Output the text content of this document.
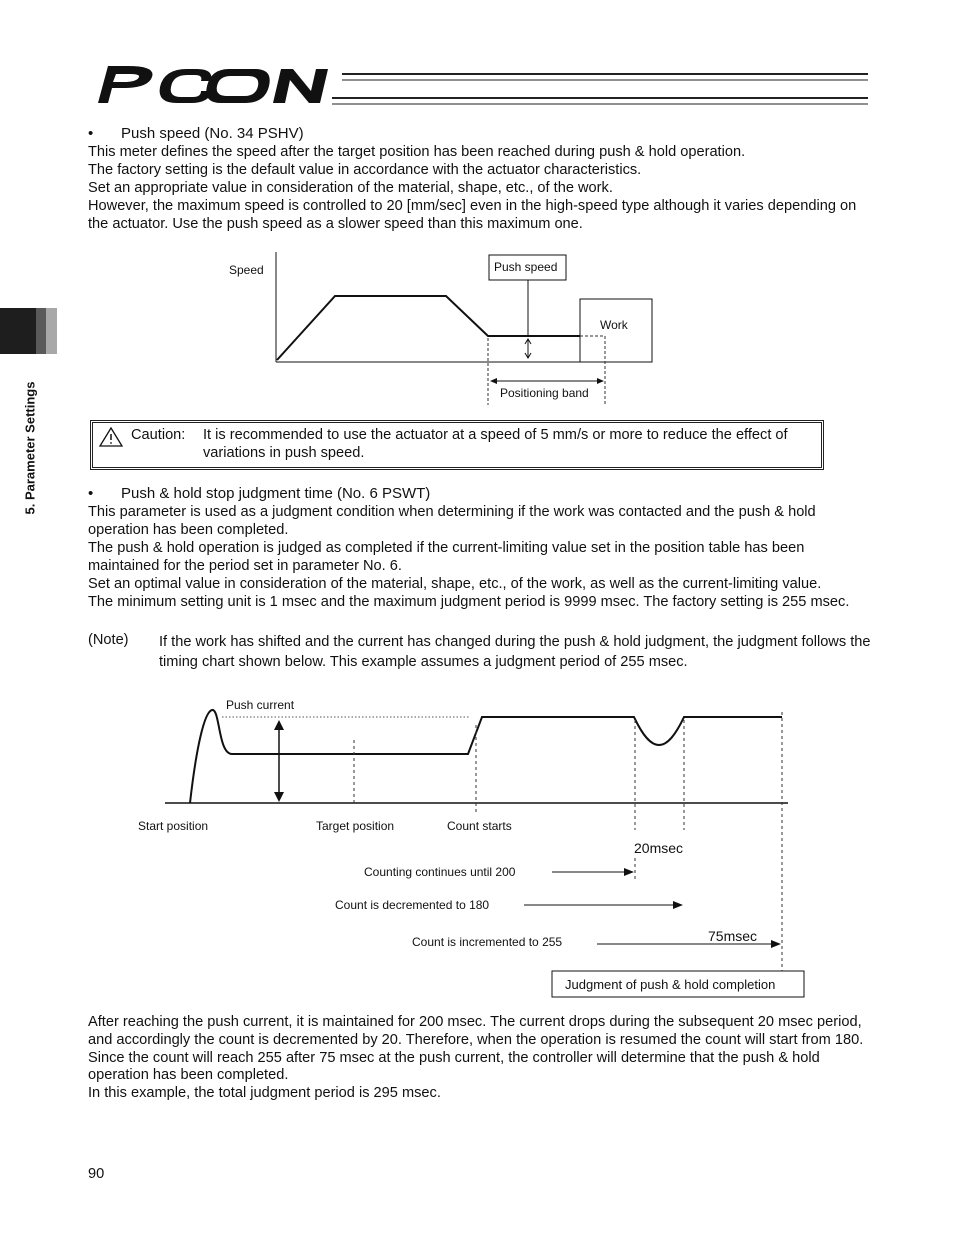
5. Parameter Settings
• Push speed (No. 34 PSHV)

This meter defines the speed after the target position has been reached during push & hold operation.

The factory setting is the default value in accordance with the actuator characteristics.

Set an appropriate value in consideration of the material, shape, etc., of the work.

However, the maximum speed is controlled to 20 [mm/sec] even in the high-speed type although it varies depending on the actuator. Use the push speed as a slower speed than this maximum one.

Speed	Push speed
Work
Positioning band
Caution: It is recommended to use the actuator at a speed of 5 mm/s or more to reduce the effect of variations in push speed.
• Push & hold stop judgment time (No. 6 PSWT)

This parameter is used as a judgment condition when determining if the work was contacted and the push & hold operation has been completed.

The push & hold operation is judged as completed if the current-limiting value set in the position table has been maintained for the period set in parameter No. 6.

Set an optimal value in consideration of the material, shape, etc., of the work, as well as the current-limiting value.

The minimum setting unit is 1 msec and the maximum judgment period is 9999 msec. The factory setting is 255 msec.

(Note) If the work has shifted and the current has changed during the push & hold judgment, the judgment follows the timing chart shown below. This example assumes a judgment period of 255 msec.
Push current
Start position	Target position	Count starts
20msec
Counting continues until 200
Count is decremented to 180
75msec
Count is incremented to 255
Judgment of push & hold completion

After reaching the push current, it is maintained for 200 msec. The current drops during the subsequent 20 msec period, and accordingly the count is decremented by 20. Therefore, when the operation is resumed the count will start from 180. Since the count will reach 255 after 75 msec at the push current, the controller will determine that the push & hold operation has been completed.

In this example, the total judgment period is 295 msec.

90
